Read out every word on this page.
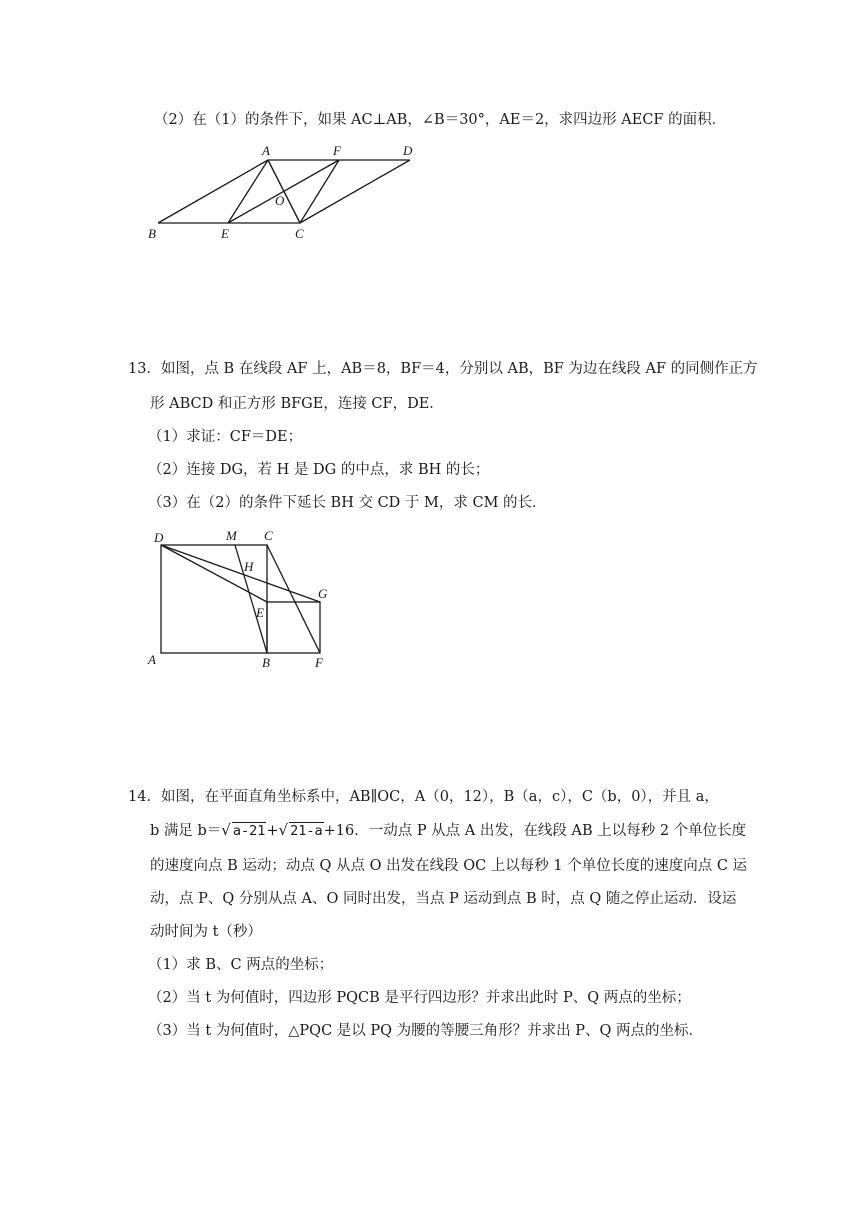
（2）在（1）的条件下，如果 AC⊥AB，∠B＝30°，AE＝2，求四边形 AECF 的面积．
A	F	D
O
B	E	C
13．如图，点 B 在线段 AF 上，AB＝8，BF＝4，分别以 AB，BF 为边在线段 AF 的同侧作正方
形 ABCD 和正方形 BFGE，连接 CF，DE．
（1）求证：CF＝DE；
（2）连接 DG，若 H 是 DG 的中点，求 BH 的长；
（3）在（2）的条件下延长 BH 交 CD 于 M，求 CM 的长．
D	M C
H
G
E
A	B	F
14．如图，在平面直角坐标系中，AB∥OC，A（0，12），B（a，c），C（b，0），并且 a，
b 满足 b＝√ a-21+√ 21-a+16．一动点 P 从点 A 出发，在线段 AB 上以每秒 2 个单位长度
的速度向点 B 运动；动点 Q 从点 O 出发在线段 OC 上以每秒 1 个单位长度的速度向点 C 运
动，点 P、Q 分别从点 A、O 同时出发，当点 P 运动到点 B 时，点 Q 随之停止运动．设运
动时间为 t（秒）
（1）求 B、C 两点的坐标；
（2）当 t 为何值时，四边形 PQCB 是平行四边形？并求出此时 P、Q 两点的坐标；
（3）当 t 为何值时，△PQC 是以 PQ 为腰的等腰三角形？并求出 P、Q 两点的坐标．
